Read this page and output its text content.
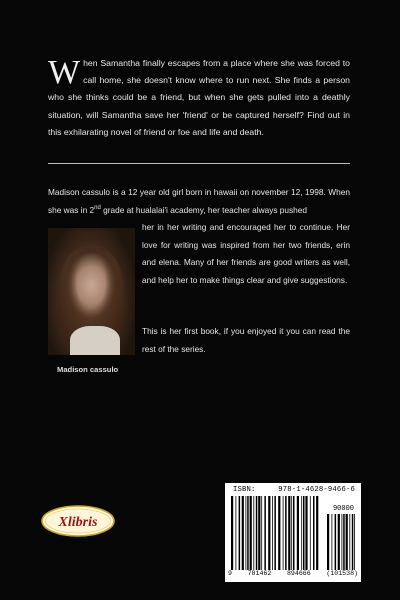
When Samantha finally escapes from a place where she was forced to call home, she doesn't know where to run next. She finds a person who she thinks could be a friend, but when she gets pulled into a deathly situation, will Samantha save her 'friend' or be captured herself? Find out in this exhilarating novel of friend or foe and life and death.

Madison cassulo is a 12 year old girl born in hawaii on november 12, 1998. When she was in 2nd grade at hualalai'i academy, her teacher always pushed

her in her writing and encouraged her to continue. Her love for writing was inspired from her two friends, erin and elena. Many of her friends are good writers as well, and help her to make things clear and give suggestions.

This is her first book, if you enjoyed it you can read the rest of the series.

Madison cassulo

Xlibris
ISBN:	978-1-4628-9466-6
90000
9 781462 894666 (101538)
